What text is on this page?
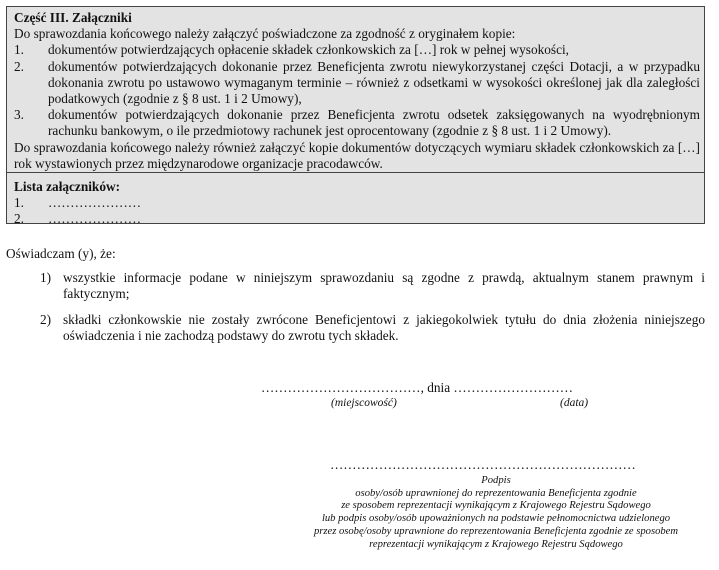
Część III. Załączniki
Do sprawozdania końcowego należy załączyć poświadczone za zgodność z oryginałem kopie:
1. dokumentów potwierdzających opłacenie składek członkowskich za […] rok w pełnej wysokości,
2. dokumentów potwierdzających dokonanie przez Beneficjenta zwrotu niewykorzystanej części Dotacji, a w przypadku dokonania zwrotu po ustawowo wymaganym terminie – również z odsetkami w wysokości określonej jak dla zaległości podatkowych (zgodnie z § 8 ust. 1 i 2 Umowy),
3. dokumentów potwierdzających dokonanie przez Beneficjenta zwrotu odsetek zaksięgowanych na wyodrębnionym rachunku bankowym, o ile przedmiotowy rachunek jest oprocentowany (zgodnie z § 8 ust. 1 i 2 Umowy).
Do sprawozdania końcowego należy również załączyć kopie dokumentów dotyczących wymiaru składek członkowskich za […] rok wystawionych przez międzynarodowe organizacje pracodawców.
Lista załączników:
1. …………………
2. …………………
Oświadczam (y), że:
1) wszystkie informacje podane w niniejszym sprawozdaniu są zgodne z prawdą, aktualnym stanem prawnym i faktycznym;
2) składki członkowskie nie zostały zwrócone Beneficjentowi z jakiegokolwiek tytułu do dnia złożenia niniejszego oświadczenia i nie zachodzą podstawy do zwrotu tych składek.
………………………………, dnia ………………………
(miejscowość)	(data)
……………………………………………………………
Podpis
osoby/osób uprawnionej do reprezentowania Beneficjenta zgodnie
ze sposobem reprezentacji wynikającym z Krajowego Rejestru Sądowego
lub podpis osoby/osób upoważnionych na podstawie pełnomocnictwa udzielonego
przez osobę/osoby uprawnione do reprezentowania Beneficjenta zgodnie ze sposobem
reprezentacji wynikającym z Krajowego Rejestru Sądowego
